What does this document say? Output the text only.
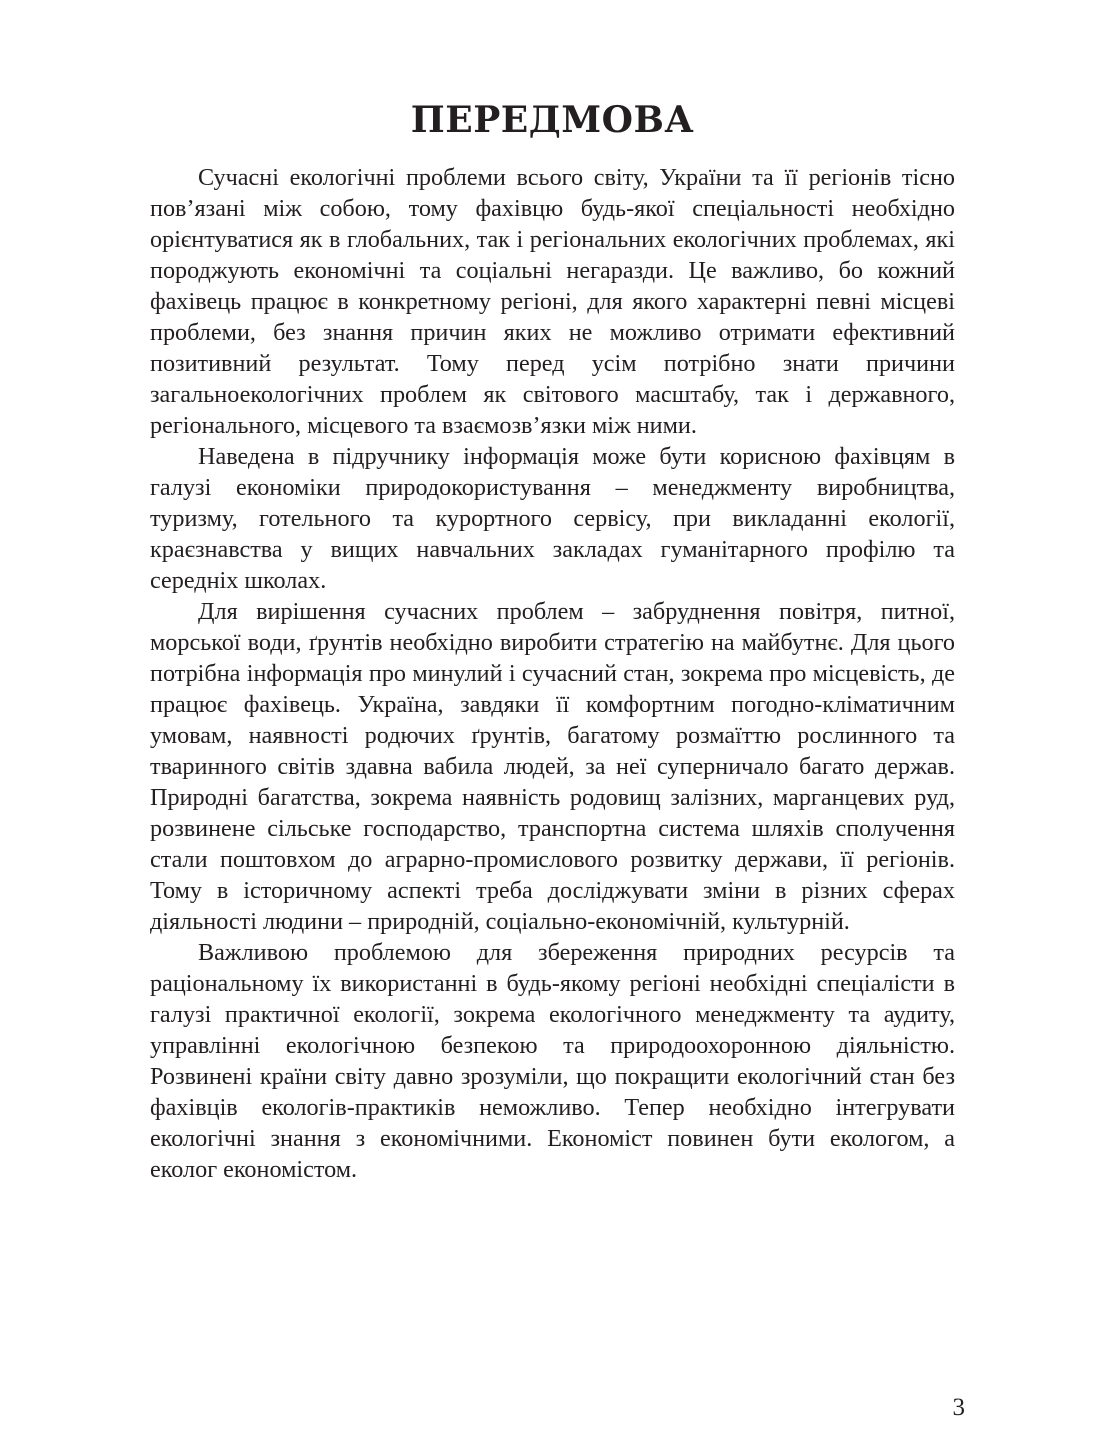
ПЕРЕДМОВА

Сучасні екологічні проблеми всього світу, України та її регіонів тісно пов’язані між собою, тому фахівцю будь-якої спеціальності необхідно орієнтуватися як в глобальних, так і регіональних екологічних проблемах, які породжують економічні та соціальні негаразди. Це важливо, бо кожний фахівець працює в конкретному регіоні, для якого характерні певні місцеві проблеми, без знання причин яких не можливо отримати ефективний позитивний результат. Тому перед усім потрібно знати причини загальноекологічних проблем як світового масштабу, так і державного, регіонального, місцевого та взаємозв’язки між ними.

Наведена в підручнику інформація може бути корисною фахівцям в галузі економіки природокористування – менеджменту виробництва, туризму, готельного та курортного сервісу, при викладанні екології, краєзнавства у вищих навчальних закладах гуманітарного профілю та середніх школах.

Для вирішення сучасних проблем – забруднення повітря, питної, морської води, ґрунтів необхідно виробити стратегію на майбутнє. Для цього потрібна інформація про минулий і сучасний стан, зокрема про місцевість, де працює фахівець. Україна, завдяки її комфортним погодно-кліматичним умовам, наявності родючих ґрунтів, багатому розмаїттю рослинного та тваринного світів здавна вабила людей, за неї суперничало багато держав. Природні багатства, зокрема наявність родовищ залізних, марганцевих руд, розвинене сільське господарство, транспортна система шляхів сполучення стали поштовхом до аграрно-промислового розвитку держави, її регіонів. Тому в історичному аспекті треба досліджувати зміни в різних сферах діяльності людини – природній, соціально-економічній, культурній.

Важливою проблемою для збереження природних ресурсів та раціональному їх використанні в будь-якому регіоні необхідні спеціалісти в галузі практичної екології, зокрема екологічного менеджменту та аудиту, управлінні екологічною безпекою та природоохоронною діяльністю. Розвинені країни світу давно зрозуміли, що покращити екологічний стан без фахівців екологів-практиків неможливо. Тепер необхідно інтегрувати екологічні знання з економічними. Економіст повинен бути екологом, а еколог економістом.

3
